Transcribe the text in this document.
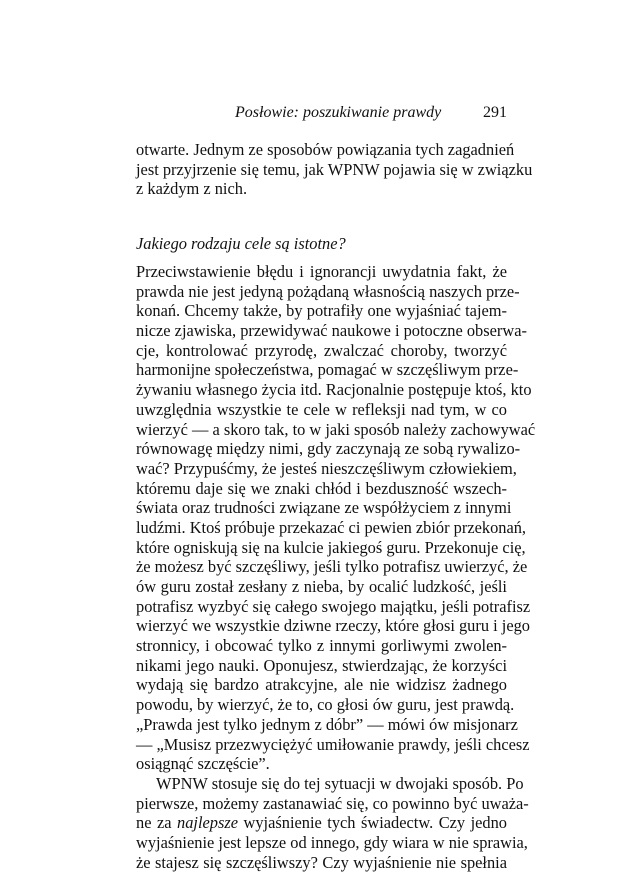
Posłowie: poszukiwanie prawdy	291
otwarte. Jednym ze sposobów powiązania tych zagadnień
jest przyjrzenie się temu, jak WPNW pojawia się w związku
z każdym z nich.
Jakiego rodzaju cele są istotne?
Przeciwstawienie błędu i ignorancji uwydatnia fakt, że
prawda nie jest jedyną pożądaną własnością naszych prze-
konań. Chcemy także, by potrafiły one wyjaśniać tajem-
nicze zjawiska, przewidywać naukowe i potoczne obserwa-
cje, kontrolować przyrodę, zwalczać choroby, tworzyć
harmonijne społeczeństwa, pomagać w szczęśliwym prze-
żywaniu własnego życia itd. Racjonalnie postępuje ktoś, kto
uwzględnia wszystkie te cele w refleksji nad tym, w co
wierzyć — a skoro tak, to w jaki sposób należy zachowywać
równowagę między nimi, gdy zaczynają ze sobą rywalizo-
wać? Przypuśćmy, że jesteś nieszczęśliwym człowiekiem,
któremu daje się we znaki chłód i bezduszność wszech-
świata oraz trudności związane ze współżyciem z innymi
ludźmi. Ktoś próbuje przekazać ci pewien zbiór przekonań,
które ogniskują się na kulcie jakiegoś guru. Przekonuje cię,
że możesz być szczęśliwy, jeśli tylko potrafisz uwierzyć, że
ów guru został zesłany z nieba, by ocalić ludzkość, jeśli
potrafisz wyzbyć się całego swojego majątku, jeśli potrafisz
wierzyć we wszystkie dziwne rzeczy, które głosi guru i jego
stronnicy, i obcować tylko z innymi gorliwymi zwolen-
nikami jego nauki. Oponujesz, stwierdzając, że korzyści
wydają się bardzo atrakcyjne, ale nie widzisz żadnego
powodu, by wierzyć, że to, co głosi ów guru, jest prawdą.
„Prawda jest tylko jednym z dóbr” — mówi ów misjonarz
— „Musisz przezwyciężyć umiłowanie prawdy, jeśli chcesz
osiągnąć szczęście”.
WPNW stosuje się do tej sytuacji w dwojaki sposób. Po
pierwsze, możemy zastanawiać się, co powinno być uważa-
ne za najlepsze wyjaśnienie tych świadectw. Czy jedno
wyjaśnienie jest lepsze od innego, gdy wiara w nie sprawia,
że stajesz się szczęśliwszy? Czy wyjaśnienie nie spełnia
